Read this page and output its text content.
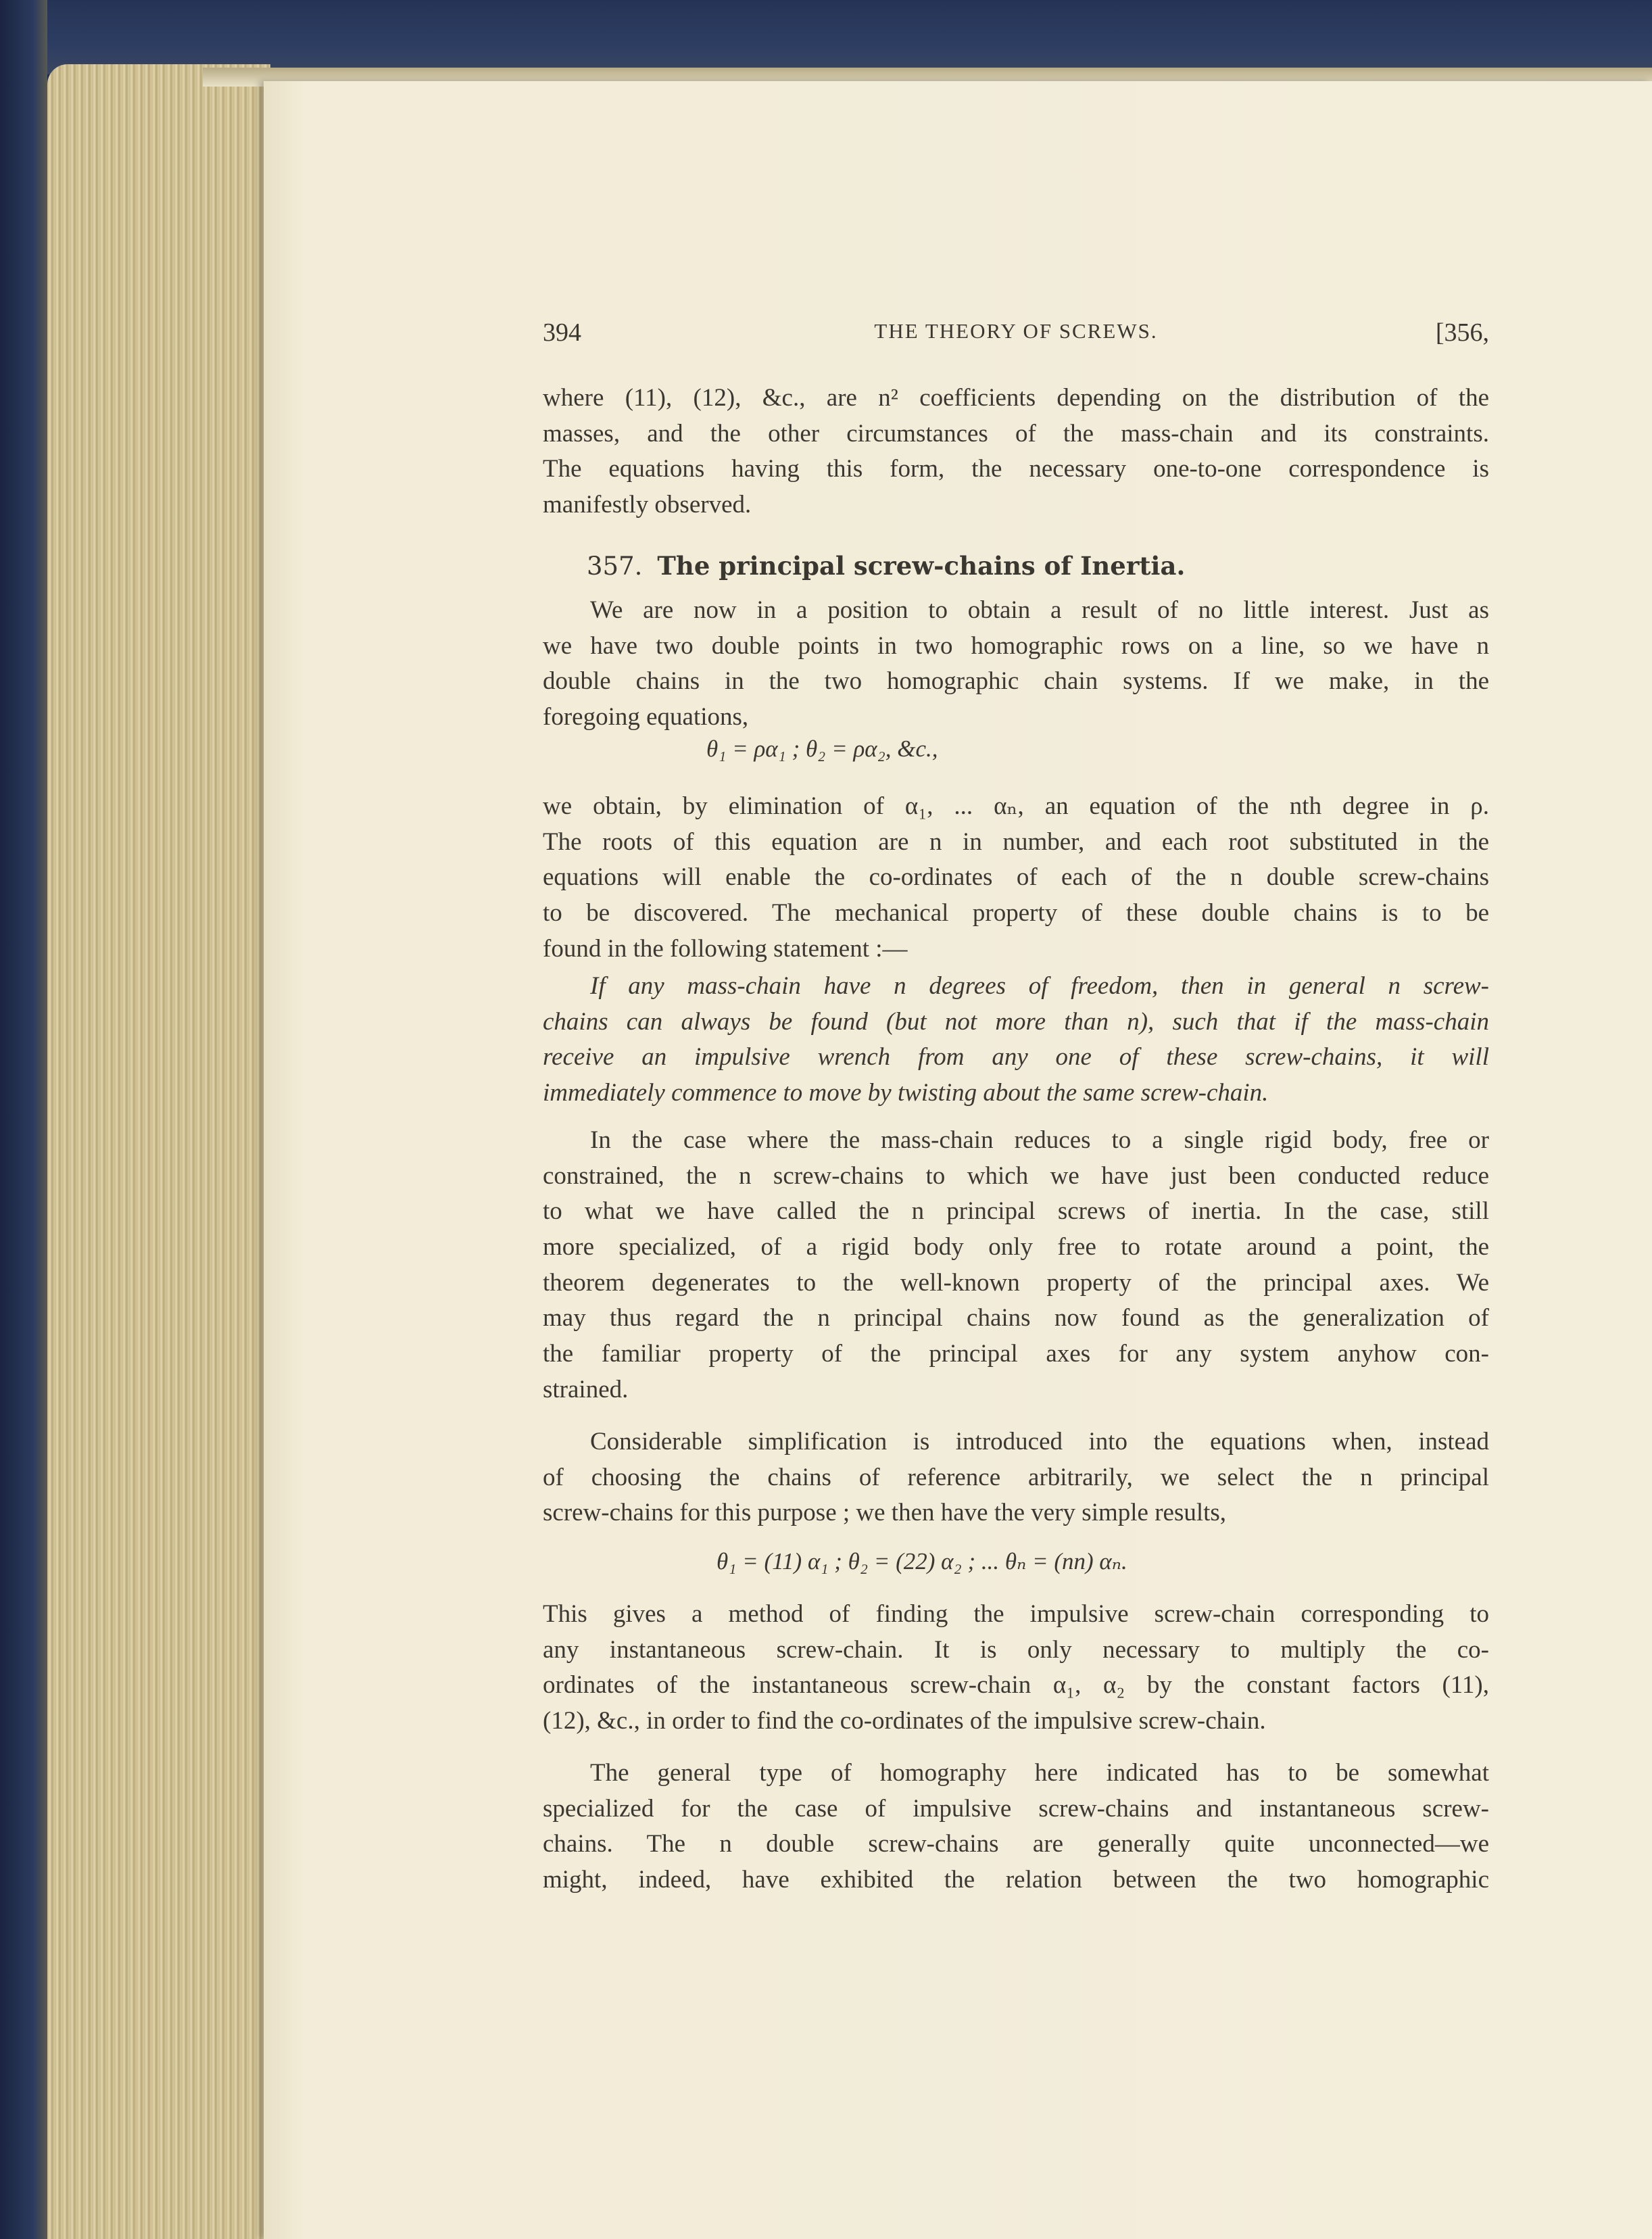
394	THE THEORY OF SCREWS.	[356,
where (11), (12), &c., are n² coefficients depending on the distribution of the
masses, and the other circumstances of the mass-chain and its constraints.
The equations having this form, the necessary one-to-one correspondence is
manifestly observed.
357. The principal screw-chains of Inertia.
We are now in a position to obtain a result of no little interest. Just as
we have two double points in two homographic rows on a line, so we have n
double chains in the two homographic chain systems. If we make, in the
foregoing equations,
θ₁ = ρα₁ ; θ₂ = ρα₂, &c.,
we obtain, by elimination of α₁, ... αₙ, an equation of the nth degree in ρ.
The roots of this equation are n in number, and each root substituted in the
equations will enable the co-ordinates of each of the n double screw-chains
to be discovered. The mechanical property of these double chains is to be
found in the following statement :—
If any mass-chain have n degrees of freedom, then in general n screw-
chains can always be found (but not more than n), such that if the mass-chain
receive an impulsive wrench from any one of these screw-chains, it will
immediately commence to move by twisting about the same screw-chain.
In the case where the mass-chain reduces to a single rigid body, free or
constrained, the n screw-chains to which we have just been conducted reduce
to what we have called the n principal screws of inertia. In the case, still
more specialized, of a rigid body only free to rotate around a point, the
theorem degenerates to the well-known property of the principal axes. We
may thus regard the n principal chains now found as the generalization of
the familiar property of the principal axes for any system anyhow con-
strained.
Considerable simplification is introduced into the equations when, instead
of choosing the chains of reference arbitrarily, we select the n principal
screw-chains for this purpose ; we then have the very simple results,
θ₁ = (11) α₁ ; θ₂ = (22) α₂ ; ... θₙ = (nn) αₙ.
This gives a method of finding the impulsive screw-chain corresponding to
any instantaneous screw-chain. It is only necessary to multiply the co-
ordinates of the instantaneous screw-chain α₁, α₂ by the constant factors (11),
(12), &c., in order to find the co-ordinates of the impulsive screw-chain.
The general type of homography here indicated has to be somewhat
specialized for the case of impulsive screw-chains and instantaneous screw-
chains. The n double screw-chains are generally quite unconnected—we
might, indeed, have exhibited the relation between the two homographic
